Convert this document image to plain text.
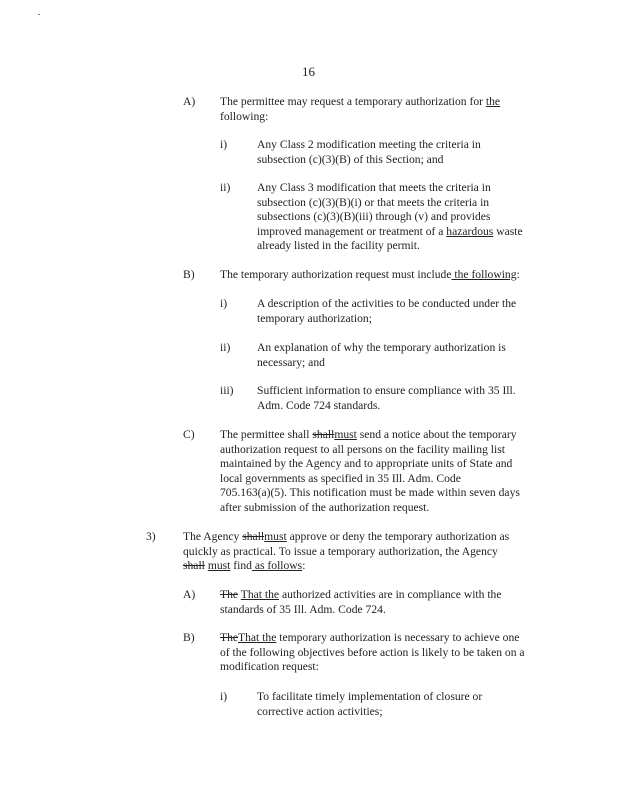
16
A) The permittee may request a temporary authorization for the
following:
i)	Any Class 2 modification meeting the criteria in
subsection (c)(3)(B) of this Section; and
ii) Any Class 3 modification that meets the criteria in
subsection (c)(3)(B)(i) or that meets the criteria in
subsections (c)(3)(B)(iii) through (v) and provides
improved management or treatment of a hazardous waste
already listed in the facility permit.
B) The temporary authorization request must include the following:
i)	A description of the activities to be conducted under the
temporary authorization;
ii) An explanation of why the temporary authorization is
necessary; and
iii) Sufficient information to ensure compliance with 35 Ill.
Adm. Code 724 standards.
C) The permittee shall shallmust send a notice about the temporary
authorization request to all persons on the facility mailing list
maintained by the Agency and to appropriate units of State and
local governments as specified in 35 Ill. Adm. Code
705.163(a)(5). This notification must be made within seven days
after submission of the authorization request.
3) The Agency shallmust approve or deny the temporary authorization as
quickly as practical. To issue a temporary authorization, the Agency
shall must find as follows:
A) The That the authorized activities are in compliance with the
standards of 35 Ill. Adm. Code 724.
B) TheThat the temporary authorization is necessary to achieve one
of the following objectives before action is likely to be taken on a
modification request:
i)	To facilitate timely implementation of closure or
corrective action activities;
